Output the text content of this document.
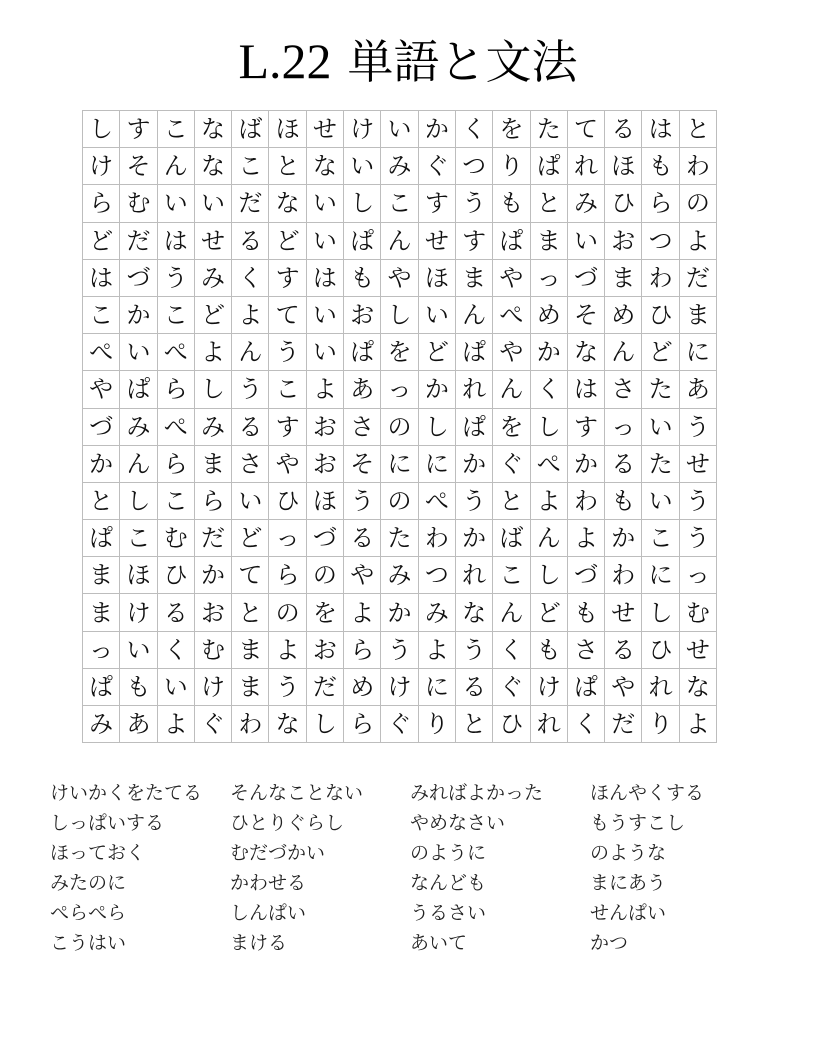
L.22 単語と文法
し	す	こ	な	ば	ほ	せ	け	い	か	く	を	た	て	る	は	と
け	そ	ん	な	こ	と	な	い	み	ぐ	つ	り	ぱ	れ	ほ	も	わ
ら	む	い	い	だ	な	い	し	こ	す	う	も	と	み	ひ	ら	の
ど	だ	は	せ	る	ど	い	ぱ	ん	せ	す	ぱ	ま	い	お	つ	よ
は	づ	う	み	く	す	は	も	や	ほ	ま	や	っ	づ	ま	わ	だ
こ	か	こ	ど	よ	て	い	お	し	い	ん	ぺ	め	そ	め	ひ	ま
ぺ	い	ぺ	よ	ん	う	い	ぱ	を	ど	ぱ	や	か	な	ん	ど	に
や	ぱ	ら	し	う	こ	よ	あ	っ	か	れ	ん	く	は	さ	た	あ
づ	み	ぺ	み	る	す	お	さ	の	し	ぱ	を	し	す	っ	い	う
か	ん	ら	ま	さ	や	お	そ	に	に	か	ぐ	ぺ	か	る	た	せ
と	し	こ	ら	い	ひ	ほ	う	の	ぺ	う	と	よ	わ	も	い	う
ぱ	こ	む	だ	ど	っ	づ	る	た	わ	か	ば	ん	よ	か	こ	う
ま	ほ	ひ	か	て	ら	の	や	み	つ	れ	こ	し	づ	わ	に	っ
ま	け	る	お	と	の	を	よ	か	み	な	ん	ど	も	せ	し	む
っ	い	く	む	ま	よ	お	ら	う	よ	う	く	も	さ	る	ひ	せ
ぱ	も	い	け	ま	う	だ	め	け	に	る	ぐ	け	ぱ	や	れ	な
み	あ	よ	ぐ	わ	な	し	ら	ぐ	り	と	ひ	れ	く	だ	り	よ
けいかくをたてる	そんなことない	みればよかった	ほんやくする
しっぱいする	ひとりぐらし	やめなさい	もうすこし
ほっておく	むだづかい	のように	のような
みたのに	かわせる	なんども	まにあう
ぺらぺら	しんぱい	うるさい	せんぱい
こうはい	まける	あいて	かつ
